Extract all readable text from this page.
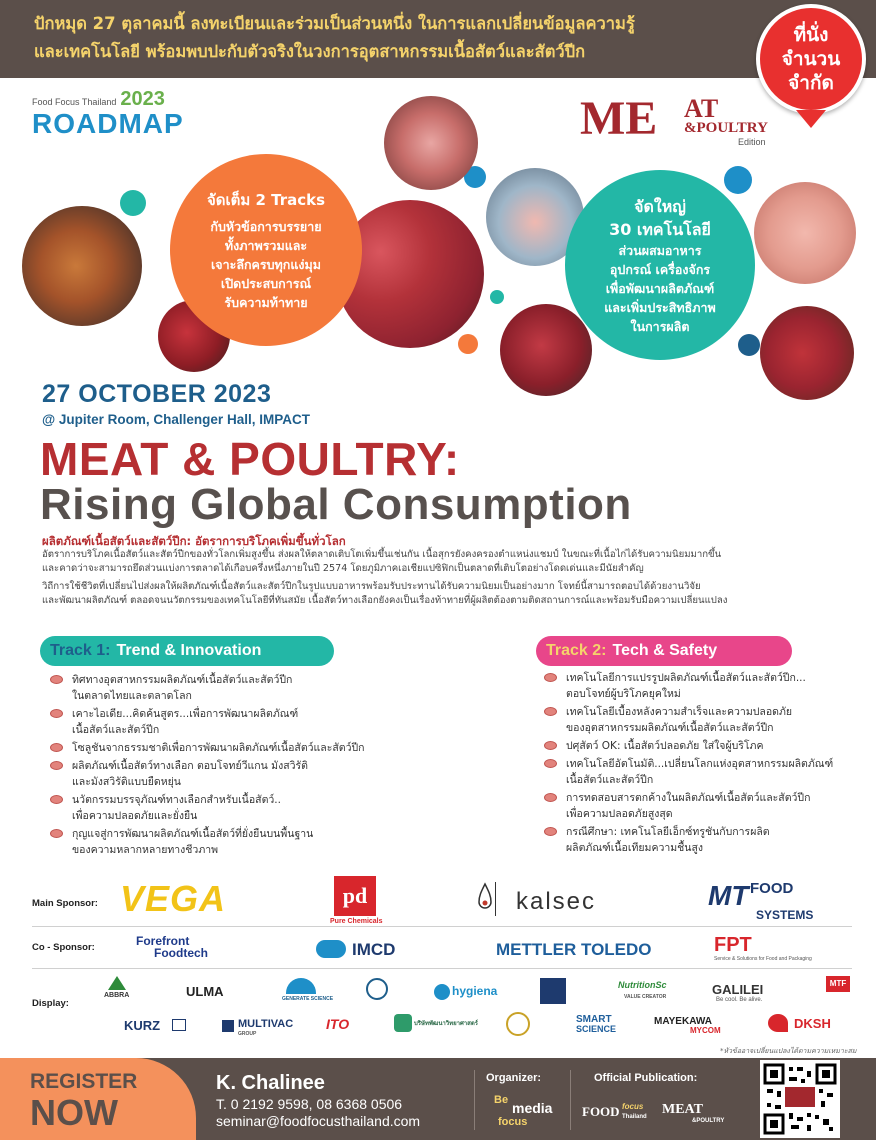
ปักหมุด 27 ตุลาคมนี้ ลงทะเบียนและร่วมเป็นส่วนหนึ่ง ในการแลกเปลี่ยนข้อมูลความรู้

และเทคโนโลยี พร้อมพบปะกับตัวจริงในวงการอุตสาหกรรมเนื้อสัตว์และสัตว์ปีก

ที่นั่ง
จำนวน
จำกัด
Food Focus Thailand 2023
ROADMAP	ME AT
&POULTRY
Edition
จัดเต็ม 2 Tracks
กับหัวข้อการบรรยาย
ทั้งภาพรวมและ
เจาะลึกครบทุกแง่มุม
เปิดประสบการณ์
รับความท้าทาย
จัดใหญ่
30 เทคโนโลยี
ส่วนผสมอาหาร
อุปกรณ์ เครื่องจักร
เพื่อพัฒนาผลิตภัณฑ์
และเพิ่มประสิทธิภาพ
ในการผลิต
27 OCTOBER 2023
@ Jupiter Room, Challenger Hall, IMPACT
MEAT & POULTRY:
Rising Global Consumption
ผลิตภัณฑ์เนื้อสัตว์และสัตว์ปีก: อัตราการบริโภคเพิ่มขึ้นทั่วโลก
อัตราการบริโภคเนื้อสัตว์และสัตว์ปีกของทั่วโลกเพิ่มสูงขึ้น ส่งผลให้ตลาดเติบโตเพิ่มขึ้นเช่นกัน เนื้อสุกรยังคงครองตำแหน่งแชมป์ ในขณะที่เนื้อไก่ได้รับความนิยมมากขึ้น
และคาดว่าจะสามารถยึดส่วนแบ่งการตลาดได้เกือบครึ่งหนึ่งภายในปี 2574 โดยภูมิภาคเอเชียแปซิฟิกเป็นตลาดที่เติบโตอย่างโดดเด่นและมีนัยสำคัญ
วิถีการใช้ชีวิตที่เปลี่ยนไปส่งผลให้ผลิตภัณฑ์เนื้อสัตว์และสัตว์ปีกในรูปแบบอาหารพร้อมรับประทานได้รับความนิยมเป็นอย่างมาก โจทย์นี้สามารถตอบได้ด้วยงานวิจัย
และพัฒนาผลิตภัณฑ์ ตลอดจนนวัตกรรมของเทคโนโลยีที่ทันสมัย เนื้อสัตว์ทางเลือกยังคงเป็นเรื่องท้าทายที่ผู้ผลิตต้องตามติดสถานการณ์และพร้อมรับมือความเปลี่ยนแปลง
Track 1: Trend & Innovation
ทิศทางอุตสาหกรรมผลิตภัณฑ์เนื้อสัตว์และสัตว์ปีก
ในตลาดไทยและตลาดโลก
เคาะไอเดีย...คิดค้นสูตร...เพื่อการพัฒนาผลิตภัณฑ์
เนื้อสัตว์และสัตว์ปีก
โซลูชันจากธรรมชาติเพื่อการพัฒนาผลิตภัณฑ์เนื้อสัตว์และสัตว์ปีก
ผลิตภัณฑ์เนื้อสัตว์ทางเลือก ตอบโจทย์วีแกน มังสวิรัติ
และมังสวิรัติแบบยืดหยุ่น
นวัตกรรมบรรจุภัณฑ์ทางเลือกสำหรับเนื้อสัตว์..
เพื่อความปลอดภัยและยั่งยืน
กุญแจสู่การพัฒนาผลิตภัณฑ์เนื้อสัตว์ที่ยั่งยืนบนพื้นฐาน
ของความหลากหลายทางชีวภาพ
Track 2: Tech & Safety
เทคโนโลยีการแปรรูปผลิตภัณฑ์เนื้อสัตว์และสัตว์ปีก...
ตอบโจทย์ผู้บริโภคยุคใหม่
เทคโนโลยีเบื้องหลังความสำเร็จและความปลอดภัย
ของอุตสาหกรรมผลิตภัณฑ์เนื้อสัตว์และสัตว์ปีก
ปศุสัตว์ OK: เนื้อสัตว์ปลอดภัย ใส่ใจผู้บริโภค
เทคโนโลยีอัตโนมัติ...เปลี่ยนโลกแห่งอุตสาหกรรมผลิตภัณฑ์
เนื้อสัตว์และสัตว์ปีก
การทดสอบสารตกค้างในผลิตภัณฑ์เนื้อสัตว์และสัตว์ปีก
เพื่อความปลอดภัยสูงสุด
กรณีศึกษา: เทคโนโลยีเอ็กซ์ทรูชันกับการผลิต
ผลิตภัณฑ์เนื้อเทียมความชื้นสูง
Main Sponsor: VEGA	pd
Pure Chemicals
kalsec	MT FOOD
SYSTEMS
Co - Sponsor:	Forefront
Foodtech	IMCD	METTLER TOLEDO	FPT
Service & Solutions for Food and Packaging
Display:
ABBRA	ULMA	GENERATE SCIENCE
hygiena	NutritionSc
VALUE CREATOR	GALILEI
Be cool. Be alive.
MTF
KURZ	MULTIVAC
GROUP
ITO	บริษัทพัฒนาวิทยาศาสตร์	SMART
SCIENCE
MAYEKAWA
MYCOM	DKSH
*หัวข้ออาจเปลี่ยนแปลงได้ตามความเหมาะสม
REGISTER
NOW
K. Chalinee
T. 0 2192 9598, 08 6368 0506
seminar@foodfocusthailand.com
Organizer:
Be media
focus
Official Publication:
FOOD focus
Thailand MEAT
&POULTRY
